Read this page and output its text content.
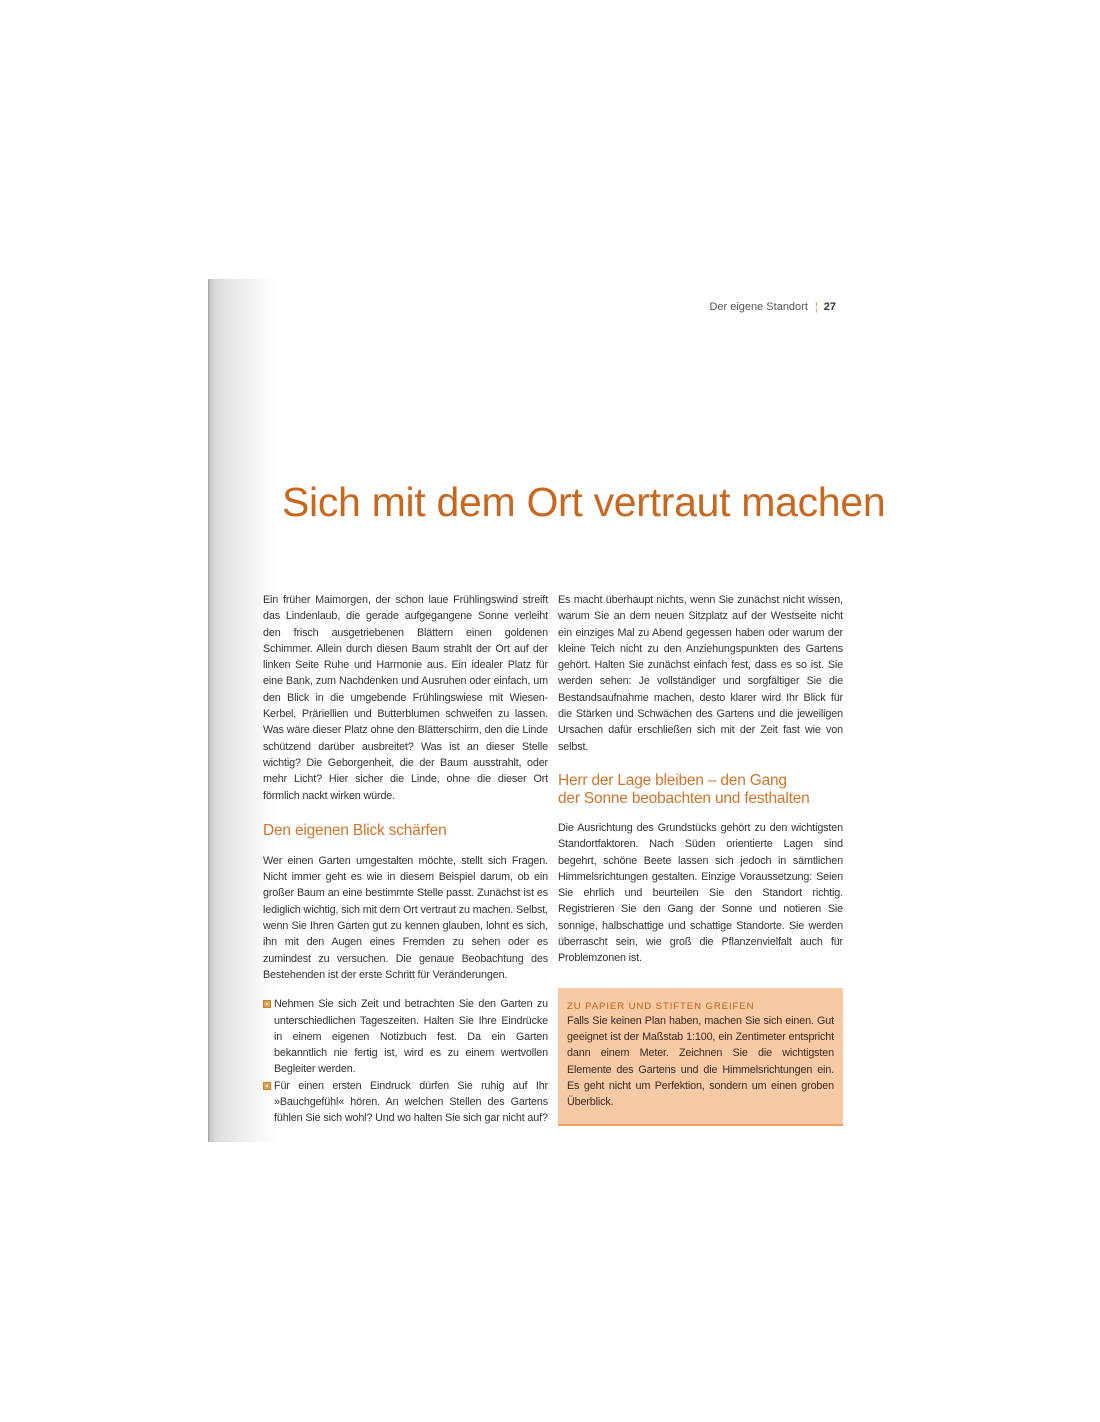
Der eigene Standort ¦ 27
Sich mit dem Ort vertraut machen

Ein früher Maimorgen, der schon laue Frühlingswind streift das Lindenlaub, die gerade aufgegangene Sonne verleiht den frisch ausgetriebenen Blättern einen goldenen Schimmer. Allein durch diesen Baum strahlt der Ort auf der linken Seite Ruhe und Harmonie aus. Ein idealer Platz für eine Bank, zum Nachdenken und Ausruhen oder einfach, um den Blick in die umgebende Frühlingswiese mit Wiesen-Kerbel, Präriellien und Butterblumen schweifen zu lassen. Was wäre dieser Platz ohne den Blätterschirm, den die Linde schützend darüber ausbreitet? Was ist an dieser Stelle wichtig? Die Geborgenheit, die der Baum ausstrahlt, oder mehr Licht? Hier sicher die Linde, ohne die dieser Ort förmlich nackt wirken würde.

Den eigenen Blick schärfen

Wer einen Garten umgestalten möchte, stellt sich Fragen. Nicht immer geht es wie in diesem Beispiel darum, ob ein großer Baum an eine bestimmte Stelle passt. Zunächst ist es lediglich wichtig, sich mit dem Ort vertraut zu machen. Selbst, wenn Sie Ihren Garten gut zu kennen glauben, lohnt es sich, ihn mit den Augen eines Fremden zu sehen oder es zumindest zu versuchen. Die genaue Beobachtung des Bestehenden ist der erste Schritt für Veränderungen.

Nehmen Sie sich Zeit und betrachten Sie den Garten zu unterschiedlichen Tageszeiten. Halten Sie Ihre Eindrücke in einem eigenen Notizbuch fest. Da ein Garten bekanntlich nie fertig ist, wird es zu einem wertvollen Begleiter werden.
Für einen ersten Eindruck dürfen Sie ruhig auf Ihr »Bauchgefühl« hören. An welchen Stellen des Gartens fühlen Sie sich wohl? Und wo halten Sie sich gar nicht auf?

Es macht überhaupt nichts, wenn Sie zunächst nicht wissen, warum Sie an dem neuen Sitzplatz auf der Westseite nicht ein einziges Mal zu Abend gegessen haben oder warum der kleine Teich nicht zu den Anziehungspunkten des Gartens gehört. Halten Sie zunächst einfach fest, dass es so ist. Sie werden sehen: Je vollständiger und sorgfältiger Sie die Bestandsaufnahme machen, desto klarer wird Ihr Blick für die Stärken und Schwächen des Gartens und die jeweiligen Ursachen dafür erschließen sich mit der Zeit fast wie von selbst.

Herr der Lage bleiben – den Gang
der Sonne beobachten und festhalten

Die Ausrichtung des Grundstücks gehört zu den wichtigsten Standortfaktoren. Nach Süden orientierte Lagen sind begehrt, schöne Beete lassen sich jedoch in sämtlichen Himmelsrichtungen gestalten. Einzige Voraussetzung: Seien Sie ehrlich und beurteilen Sie den Standort richtig. Registrieren Sie den Gang der Sonne und notieren Sie sonnige, halbschattige und schattige Standorte. Sie werden überrascht sein, wie groß die Pflanzenvielfalt auch für Problemzonen ist.

ZU PAPIER UND STIFTEN GREIFEN

Falls Sie keinen Plan haben, machen Sie sich einen. Gut geeignet ist der Maßstab 1:100, ein Zentimeter entspricht dann einem Meter. Zeichnen Sie die wichtigsten Elemente des Gartens und die Himmelsrichtungen ein. Es geht nicht um Perfektion, sondern um einen groben Überblick.
